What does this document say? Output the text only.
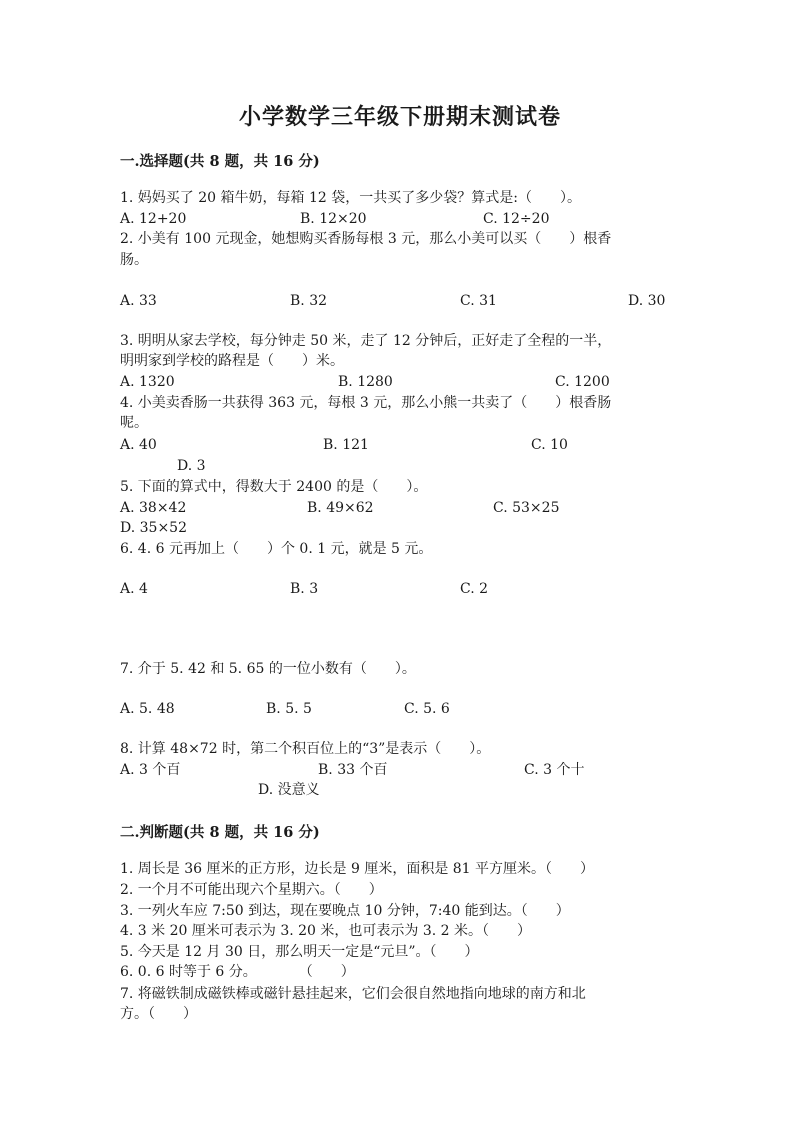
小学数学三年级下册期末测试卷
一.选择题(共 8 题，共 16 分)
1. 妈妈买了 20 箱牛奶，每箱 12 袋，一共买了多少袋？算式是:（　　）。
A. 12+20	B. 12×20	C. 12÷20
2. 小美有 100 元现金，她想购买香肠每根 3 元，那么小美可以买（　　）根香
肠。
A. 33	B. 32	C. 31	D. 30
3. 明明从家去学校，每分钟走 50 米，走了 12 分钟后，正好走了全程的一半，
明明家到学校的路程是（　　）米。
A. 1320	B. 1280	C. 1200
4. 小美卖香肠一共获得 363 元，每根 3 元，那么小熊一共卖了（　　）根香肠
呢。
A. 40	B. 121	C. 10
D. 3
5. 下面的算式中，得数大于 2400 的是（　　）。
A. 38×42	B. 49×62	C. 53×25
D. 35×52
6. 4. 6 元再加上（　　）个 0. 1 元，就是 5 元。
A. 4	B. 3	C. 2
7. 介于 5. 42 和 5. 65 的一位小数有（　　）。
A. 5. 48	B. 5. 5	C. 5. 6
8. 计算 48×72 时，第二个积百位上的“3”是表示（　　）。
A. 3 个百	B. 33 个百	C. 3 个十
D. 没意义
二.判断题(共 8 题，共 16 分)
1. 周长是 36 厘米的正方形，边长是 9 厘米，面积是 81 平方厘米。（　　）
2. 一个月不可能出现六个星期六。（　　）
3. 一列火车应 7:50 到达，现在要晚点 10 分钟，7:40 能到达。（　　）
4. 3 米 20 厘米可表示为 3. 20 米，也可表示为 3. 2 米。（　　）
5. 今天是 12 月 30 日，那么明天一定是“元旦”。（　　）
6. 0. 6 时等于 6 分。　　　　（　　）
7. 将磁铁制成磁铁棒或磁针悬挂起来，它们会很自然地指向地球的南方和北
方。（　　）
